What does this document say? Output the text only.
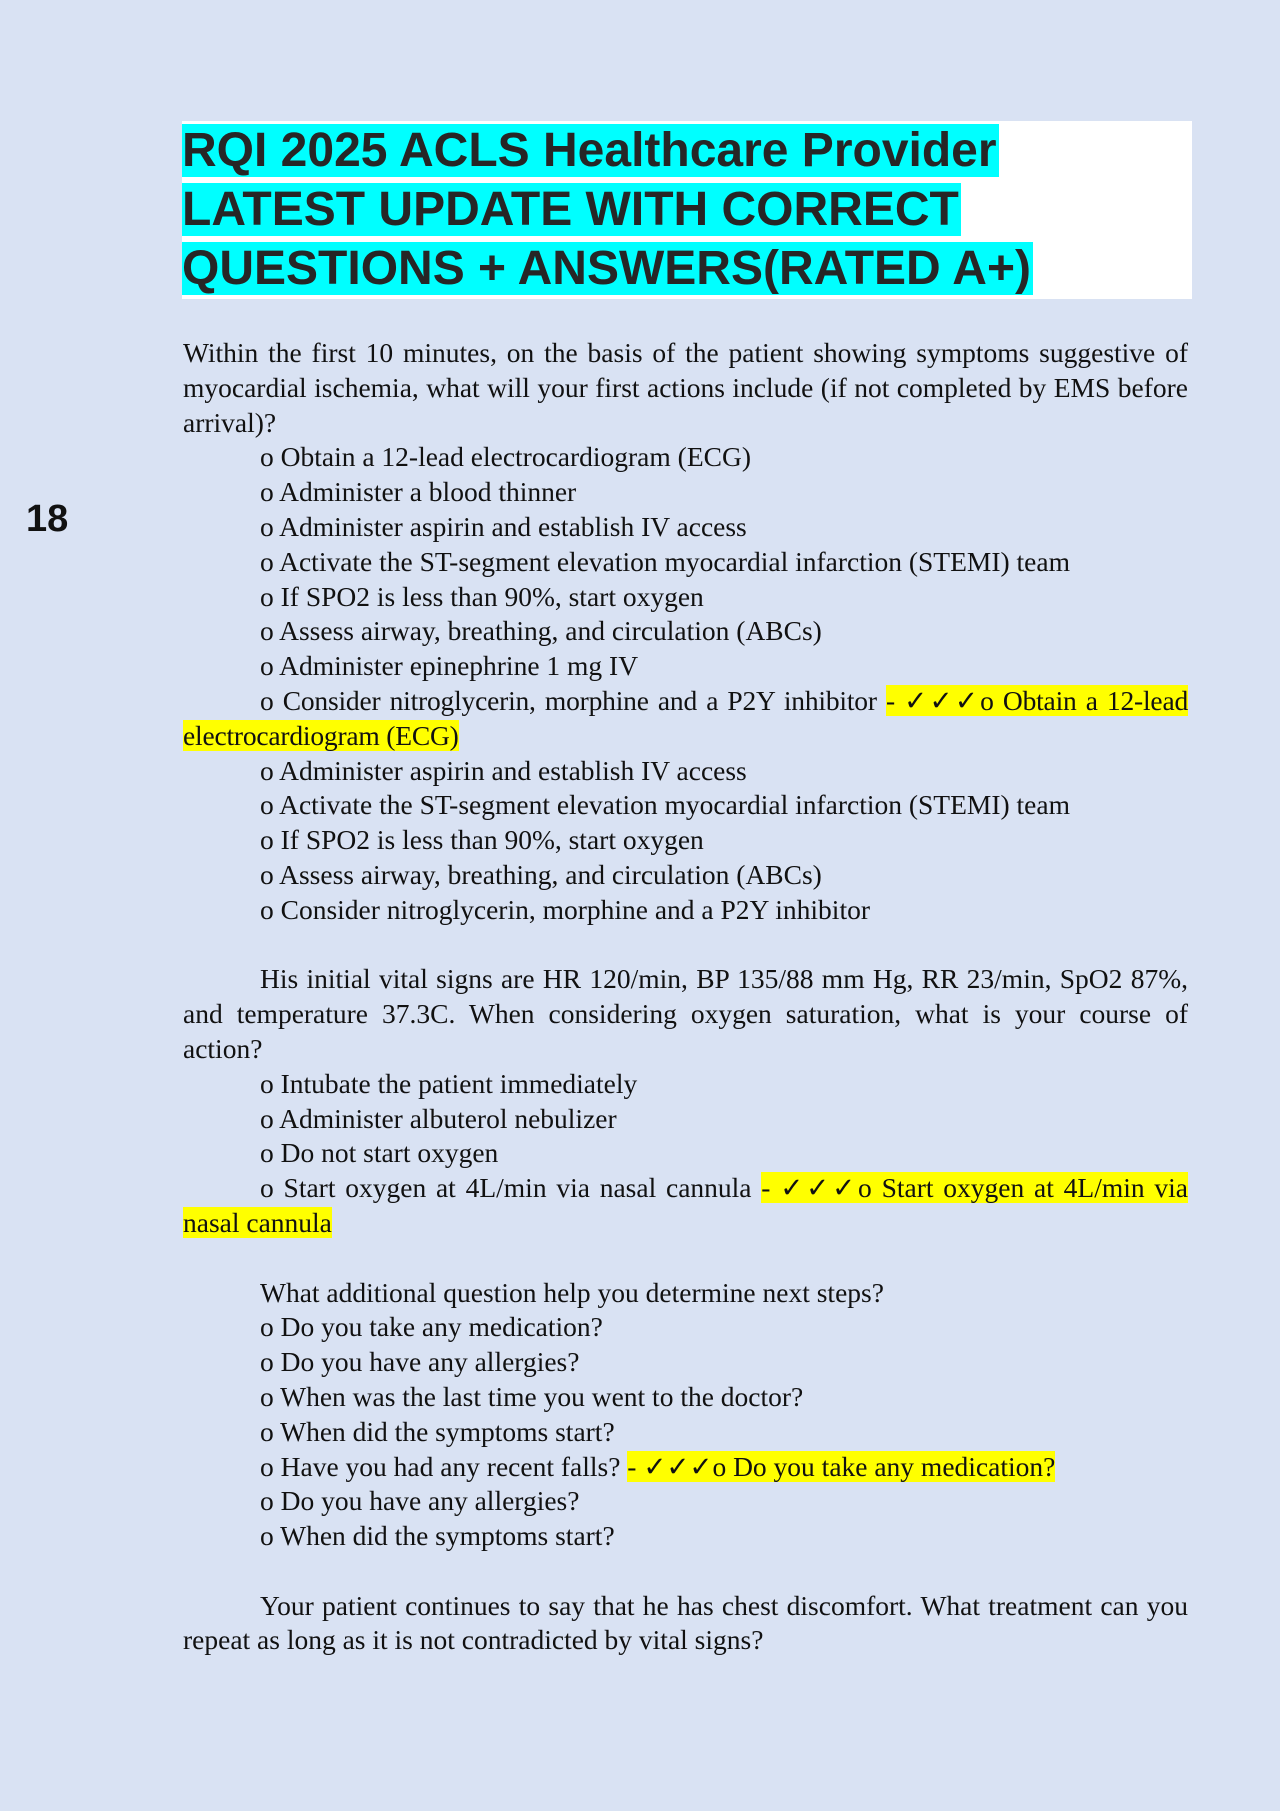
18
RQI 2025 ACLS Healthcare Provider
LATEST UPDATE WITH CORRECT
QUESTIONS + ANSWERS(RATED A+)

Within the first 10 minutes, on the basis of the patient showing symptoms suggestive of myocardial ischemia, what will your first actions include (if not completed by EMS before arrival)?

o Obtain a 12-lead electrocardiogram (ECG)

o Administer a blood thinner

o Administer aspirin and establish IV access

o Activate the ST-segment elevation myocardial infarction (STEMI) team

o If SPO2 is less than 90%, start oxygen

o Assess airway, breathing, and circulation (ABCs)

o Administer epinephrine 1 mg IV

o Consider nitroglycerin, morphine and a P2Y inhibitor - ✓✓✓o Obtain a 12-lead electrocardiogram (ECG)

o Administer aspirin and establish IV access

o Activate the ST-segment elevation myocardial infarction (STEMI) team

o If SPO2 is less than 90%, start oxygen

o Assess airway, breathing, and circulation (ABCs)

o Consider nitroglycerin, morphine and a P2Y inhibitor

His initial vital signs are HR 120/min, BP 135/88 mm Hg, RR 23/min, SpO2 87%, and temperature 37.3C. When considering oxygen saturation, what is your course of action?

o Intubate the patient immediately

o Administer albuterol nebulizer

o Do not start oxygen

o Start oxygen at 4L/min via nasal cannula - ✓✓✓o Start oxygen at 4L/min via nasal cannula

What additional question help you determine next steps?

o Do you take any medication?

o Do you have any allergies?

o When was the last time you went to the doctor?

o When did the symptoms start?

o Have you had any recent falls? - ✓✓✓o Do you take any medication?

o Do you have any allergies?

o When did the symptoms start?

Your patient continues to say that he has chest discomfort. What treatment can you repeat as long as it is not contradicted by vital signs?
